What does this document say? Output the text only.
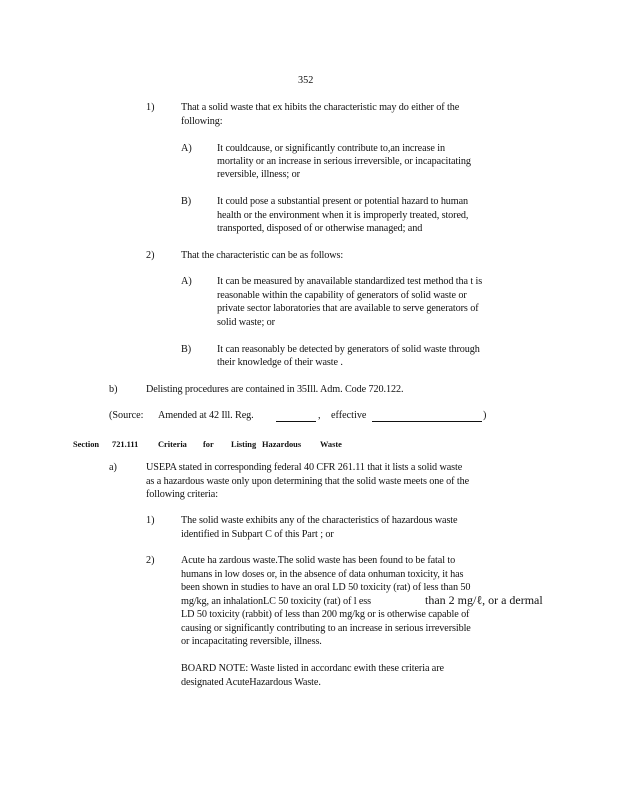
352
1)	That a solid waste that ex hibits the characteristic may do either of the
following:
A) It couldcause, or significantly contribute to,an increase in
mortality or an increase in serious irreversible, or incapacitating
reversible, illness; or
B)	It could pose a substantial present or potential hazard to human
health or the environment when it is improperly treated, stored,
transported, disposed of or otherwise managed; and
2)	That the characteristic can be as follows:
A) It can be measured by anavailable standardized test method tha t is
reasonable within the capability of generators of solid waste or
private sector laboratories that are available to serve generators of
solid waste; or
B)	It can reasonably be detected by generators of solid waste through
their knowledge of their waste .
b)	Delisting procedures are contained in 35Ill. Adm. Code 720.122.
(Source: Amended at 42 Ill. Reg.	, effective	)
Section 721.111 Criteria for Listing Hazardous Waste
a)	USEPA stated in corresponding federal 40 CFR 261.11 that it lists a solid waste
as a hazardous waste only upon determining that the solid waste meets one of the
following criteria:
1)	The solid waste exhibits any of the characteristics of hazardous waste
identified in Subpart C of this Part ; or
2)	Acute ha zardous waste.The solid waste has been found to be fatal to
humans in low doses or, in the absence of data onhuman toxicity, it has
been shown in studies to have an oral LD 50 toxicity (rat) of less than 50
mg/kg, an inhalationLC 50 toxicity (rat) of l ess	than 2 mg/ℓ, or a dermal
LD 50 toxicity (rabbit) of less than 200 mg/kg or is otherwise capable of
causing or significantly contributing to an increase in serious irreversible
or incapacitating reversible, illness.
BOARD NOTE: Waste listed in accordanc ewith these criteria are
designated AcuteHazardous Waste.
